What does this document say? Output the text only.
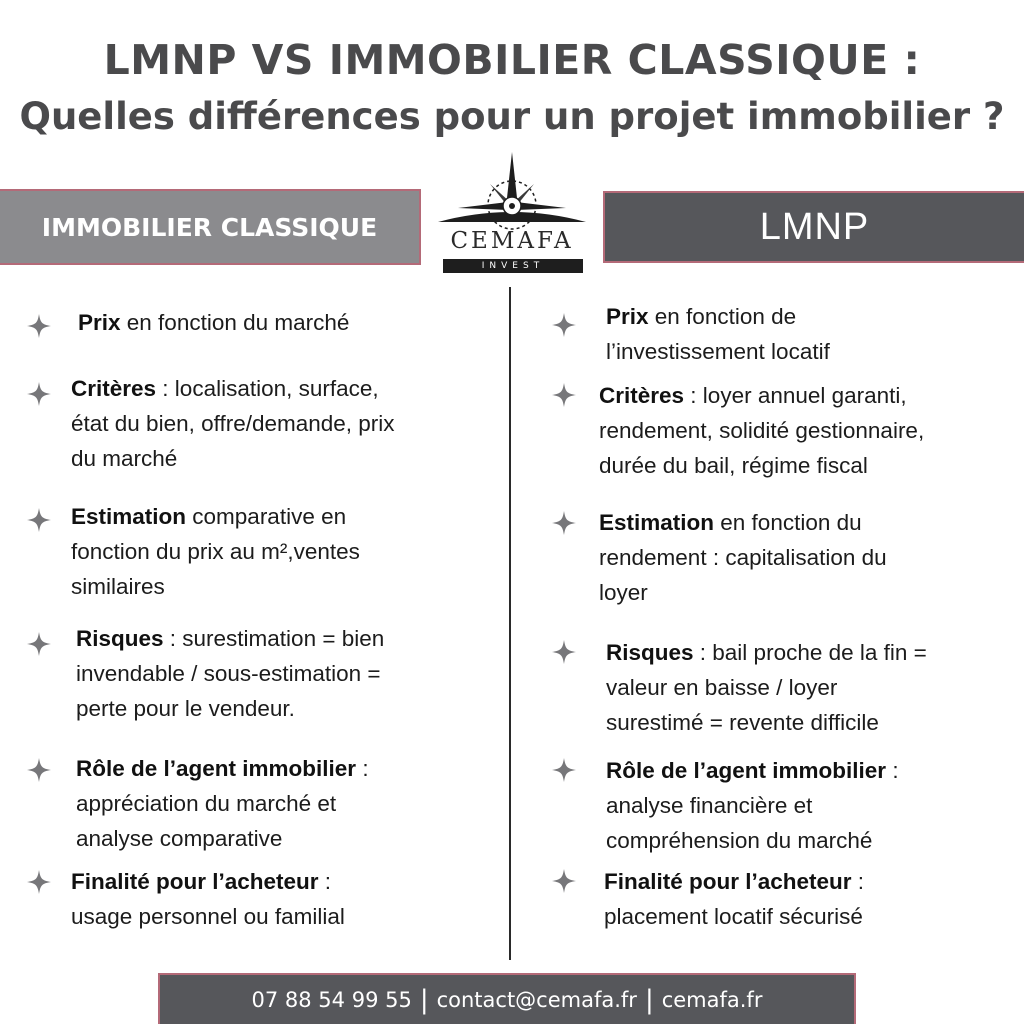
LMNP VS IMMOBILIER CLASSIQUE :
Quelles différences pour un projet immobilier ?
IMMOBILIER CLASSIQUE	LMNP
CEMAFA
INVEST
Prix en fonction du marché
Critères : localisation, surface,
état du bien, offre/demande, prix
du marché
Estimation comparative en
fonction du prix au m²,ventes
similaires
Risques : surestimation = bien
invendable / sous-estimation =
perte pour le vendeur.
Rôle de l’agent immobilier :
appréciation du marché et
analyse comparative
Finalité pour l’acheteur :
usage personnel ou familial
Prix en fonction de
l’investissement locatif
Critères : loyer annuel garanti,
rendement, solidité gestionnaire,
durée du bail, régime fiscal
Estimation en fonction du
rendement : capitalisation du
loyer
Risques : bail proche de la fin =
valeur en baisse / loyer
surestimé = revente difficile
Rôle de l’agent immobilier :
analyse financière et
compréhension du marché
Finalité pour l’acheteur :
placement locatif sécurisé
07 88 54 99 55 | contact@cemafa.fr | cemafa.fr
